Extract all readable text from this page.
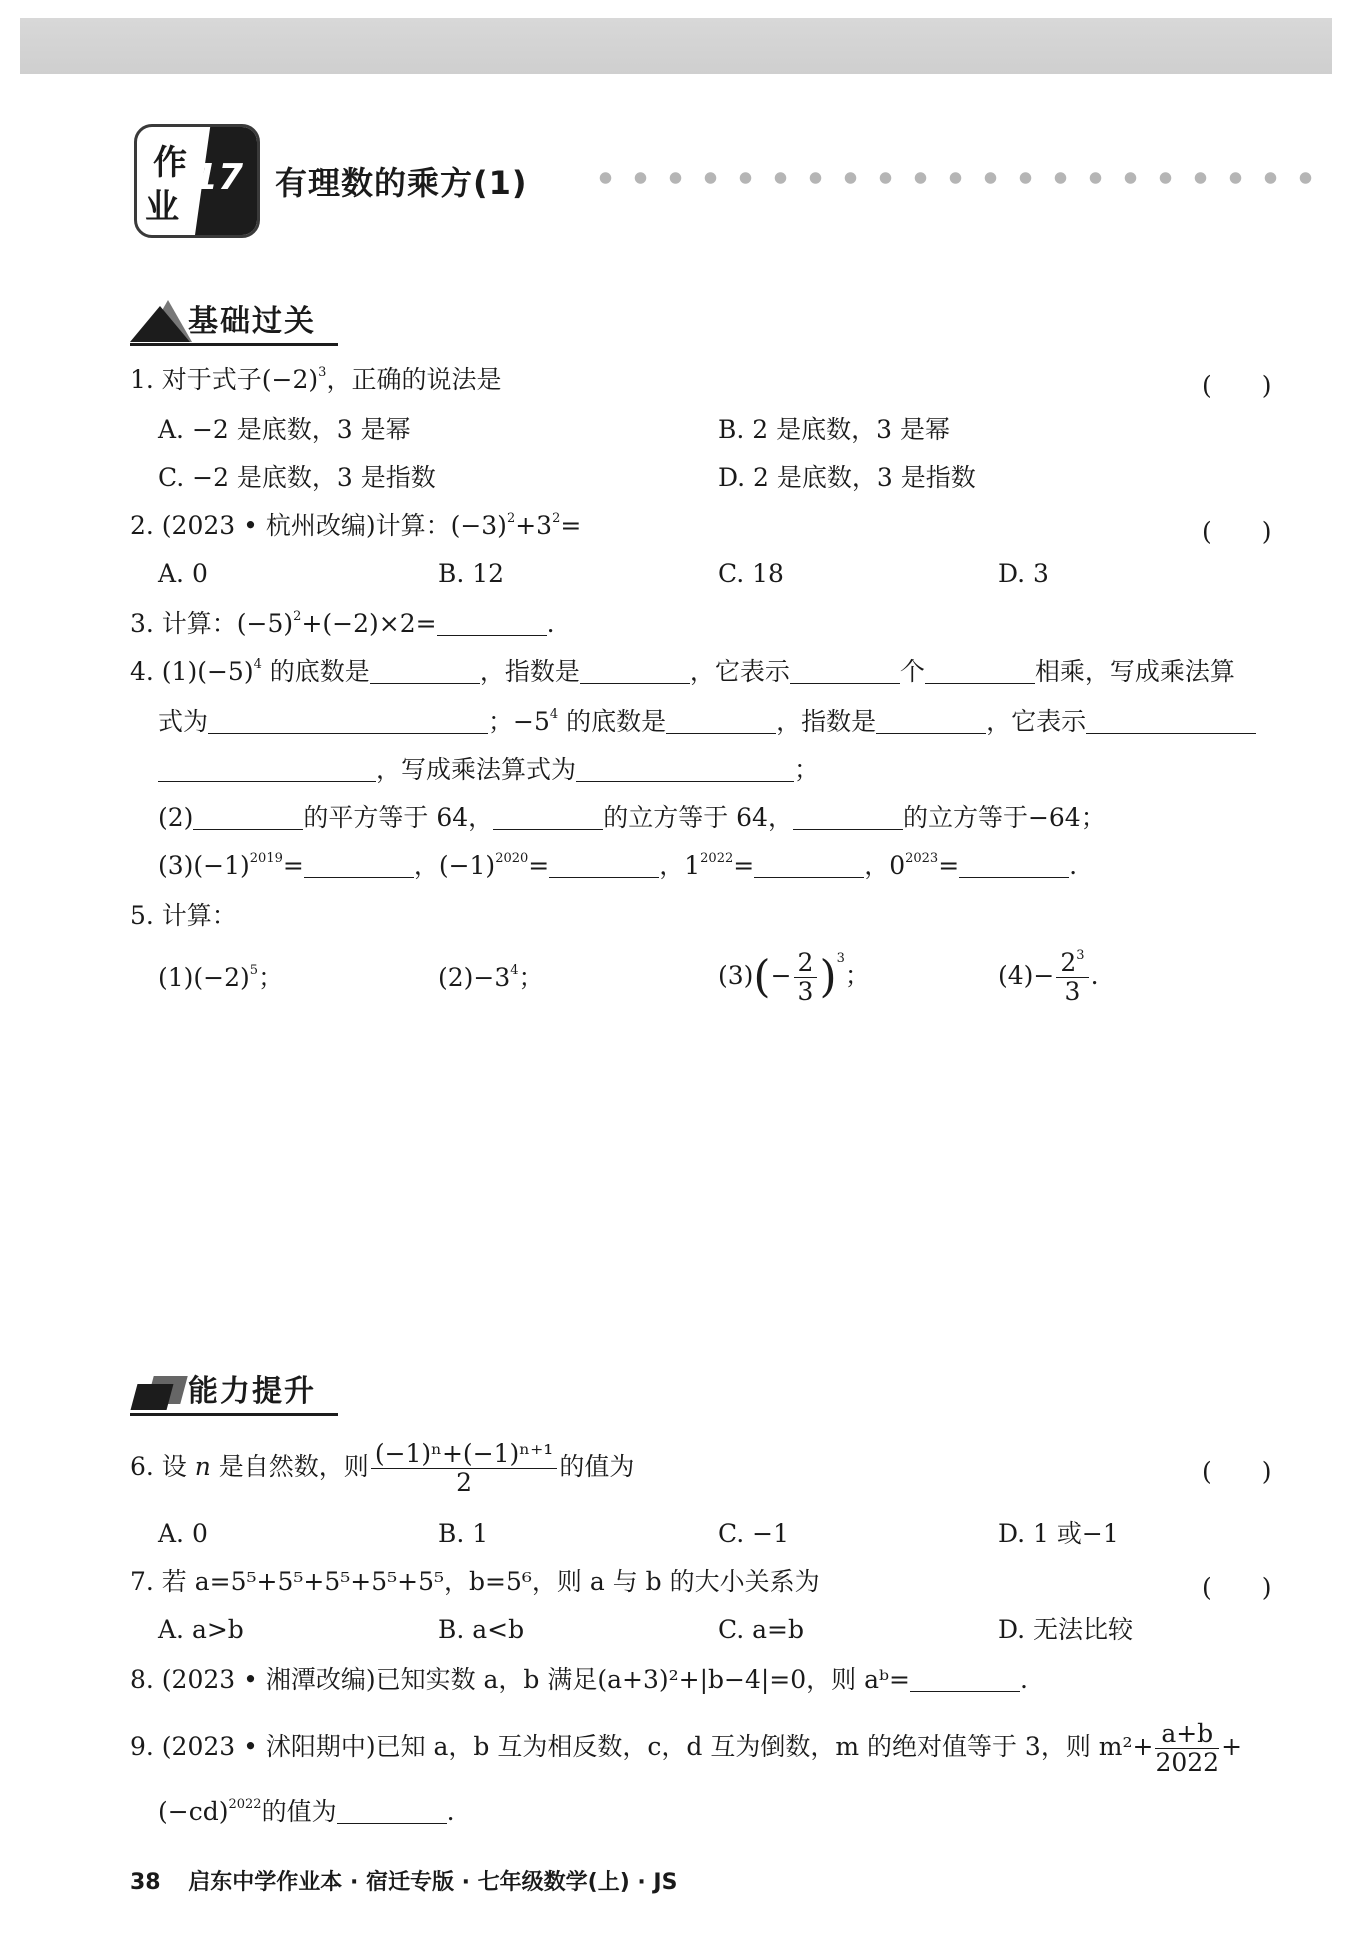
作
业
17 有理数的乘方(1)
基础过关
1. 对于式子$(-2)^3$，正确的说法是	(　　)
A. −2 是底数，3 是幂	B. 2 是底数，3 是幂
C. −2 是底数，3 是指数	D. 2 是底数，3 是指数
2. (2023 • 杭州改编)计算：$(-3)^2+3^2=$	(　　)
A. 0	B. 12	C. 18	D. 3
3. 计算：$(-5)^2+(-2)\times 2=$	.
4. $(1)(-5)^4$ 的底数是	，指数是	，它表示	个	相乘，写成乘法算
式为	；$-5^4$ 的底数是	，指数是	，它表示
，写成乘法算式为	；
(2)	的平方等于 64，	的立方等于 64，	的立方等于−64；
$(3)(-1)^{2019}=$	，$(-1)^{2020}=$	，$1^{2022}=$	，$0^{2023}=$	.
5. 计算：
$(1)(-2)^5$；	$(2)-3^4$；	$(3)(- \frac{2}{3} )^3$；	$(4)- \frac{2^3}{3}$ .
能力提升
6. 设 n 是自然数，则 $\frac{\text{(−1)ⁿ+(−1)ⁿ⁺¹}}{2}$ 的值为	(　　)
A. 0	B. 1	C. −1	D. 1 或−1
7. 若 a=5⁵+5⁵+5⁵+5⁵+5⁵，b=5⁶，则 a 与 b 的大小关系为	(　　)
A. a>b	B. a<b	C. a=b	D. 无法比较
8. (2023 • 湘潭改编)已知实数 a，b 满足(a+3)²+|b−4|=0，则 aᵇ=	.
9. (2023 • 沭阳期中)已知 a，b 互为相反数，c，d 互为倒数，m 的绝对值等于 3，则 $m^2+ \frac{a+b}{2022}$ +
$(-cd)^{2022}$的值为	.
38 启东中学作业本 · 宿迁专版 · 七年级数学(上) · JS
